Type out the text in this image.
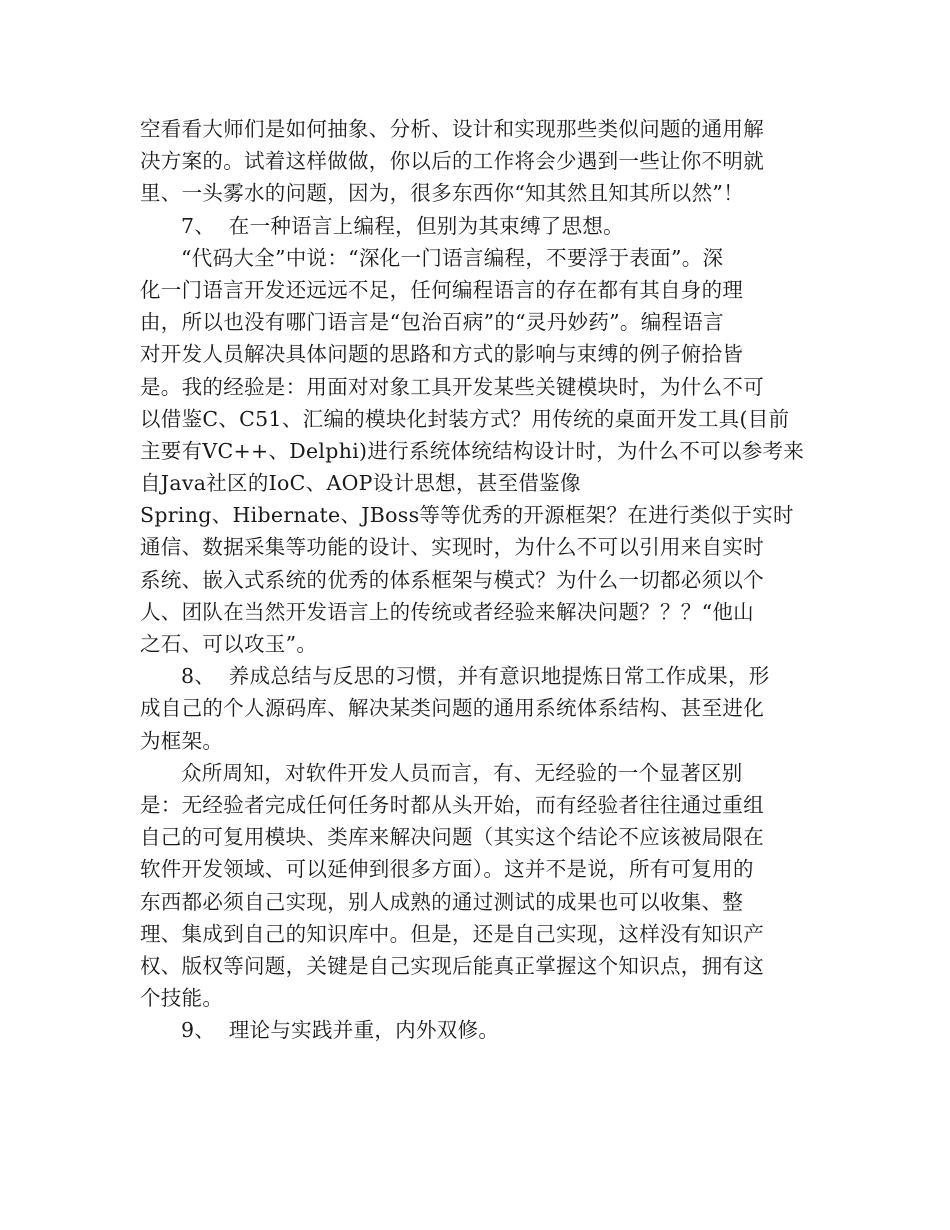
空看看大师们是如何抽象、分析、设计和实现那些类似问题的通用解
决方案的。试着这样做做，你以后的工作将会少遇到一些让你不明就
里、一头雾水的问题，因为，很多东西你“知其然且知其所以然”！
7、  在一种语言上编程，但别为其束缚了思想。
“代码大全”中说：“深化一门语言编程，不要浮于表面”。深
化一门语言开发还远远不足，任何编程语言的存在都有其自身的理
由，所以也没有哪门语言是“包治百病”的“灵丹妙药”。编程语言
对开发人员解决具体问题的思路和方式的影响与束缚的例子俯拾皆
是。我的经验是：用面对对象工具开发某些关键模块时，为什么不可
以借鉴C、C51、汇编的模块化封装方式？用传统的桌面开发工具(目前
主要有VC++、Delphi)进行系统体统结构设计时，为什么不可以参考来
自Java社区的IoC、AOP设计思想，甚至借鉴像
Spring、Hibernate、JBoss等等优秀的开源框架？在进行类似于实时
通信、数据采集等功能的设计、实现时，为什么不可以引用来自实时
系统、嵌入式系统的优秀的体系框架与模式？为什么一切都必须以个
人、团队在当然开发语言上的传统或者经验来解决问题？？？“他山
之石、可以攻玉”。
8、  养成总结与反思的习惯，并有意识地提炼日常工作成果，形
成自己的个人源码库、解决某类问题的通用系统体系结构、甚至进化
为框架。
众所周知，对软件开发人员而言，有、无经验的一个显著区别
是：无经验者完成任何任务时都从头开始，而有经验者往往通过重组
自己的可复用模块、类库来解决问题（其实这个结论不应该被局限在
软件开发领域、可以延伸到很多方面）。这并不是说，所有可复用的
东西都必须自己实现，别人成熟的通过测试的成果也可以收集、整
理、集成到自己的知识库中。但是，还是自己实现，这样没有知识产
权、版权等问题，关键是自己实现后能真正掌握这个知识点，拥有这
个技能。
9、  理论与实践并重，内外双修。
